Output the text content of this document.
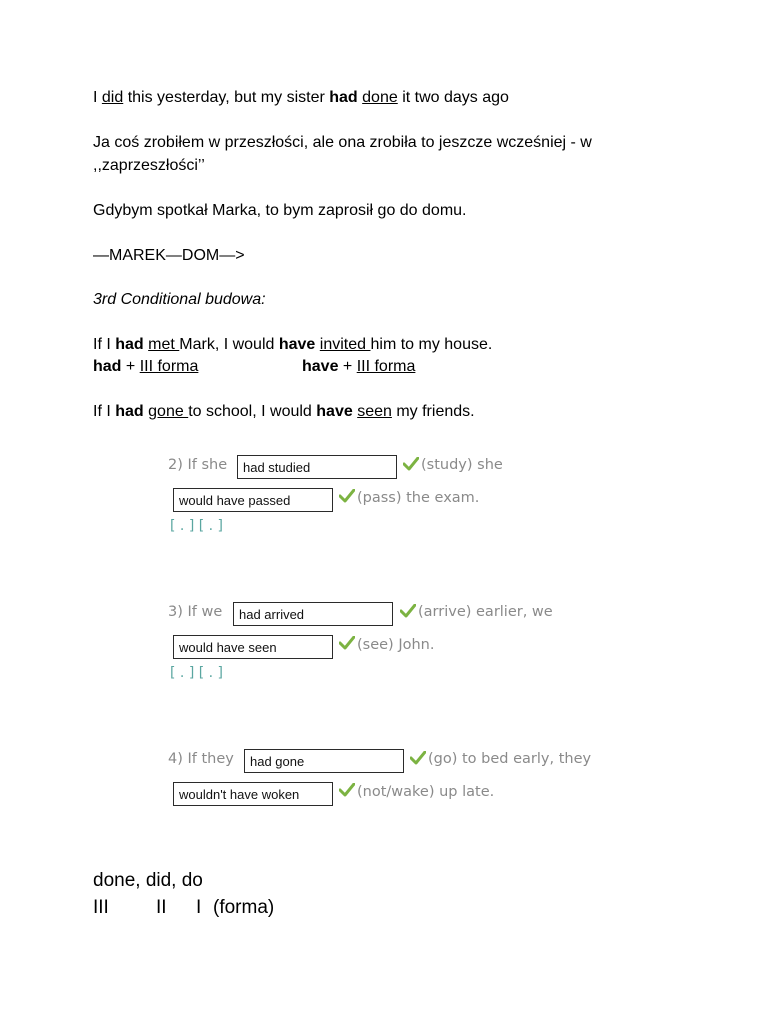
I did this yesterday, but my sister had done it two days ago
Ja coś zrobiłem w przeszłości, ale ona zrobiła to jeszcze wcześniej - w
,,zaprzeszłości’’
Gdybym spotkał Marka, to bym zaprosił go do domu.
—MAREK—DOM—>
3rd Conditional budowa:
If I had met Mark, I would have invited him to my house.
had + III forma	have + III forma
If I had gone to school, I would have seen my friends.
2) If she	had studied	(study) she
would have passed	(pass) the exam.
[ . ] [ . ]
3) If we	had arrived	(arrive) earlier, we
would have seen	(see) John.
[ . ] [ . ]
4) If they	had gone	(go) to bed early, they
wouldn't have woken	(not/wake) up late.
done, did, do
III II I (forma)
